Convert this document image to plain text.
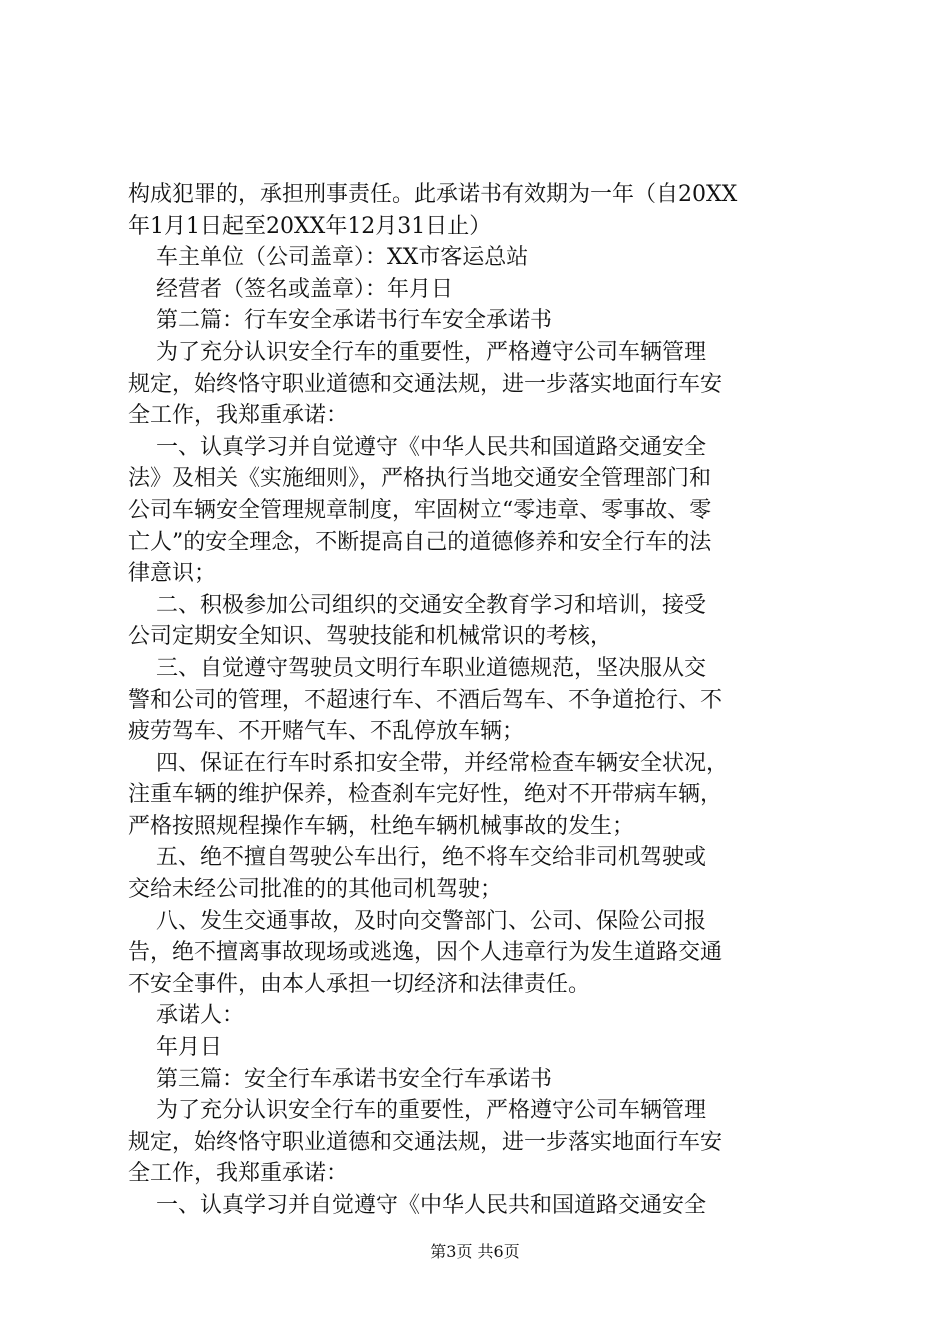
构成犯罪的，承担刑事责任。此承诺书有效期为一年（自20XX
年1月1日起至20XX年12月31日止）
车主单位（公司盖章）：XX市客运总站
经营者（签名或盖章）：年月日
第二篇：行车安全承诺书行车安全承诺书
为了充分认识安全行车的重要性，严格遵守公司车辆管理
规定，始终恪守职业道德和交通法规，进一步落实地面行车安
全工作，我郑重承诺：
一、认真学习并自觉遵守《中华人民共和国道路交通安全
法》及相关《实施细则》，严格执行当地交通安全管理部门和
公司车辆安全管理规章制度，牢固树立“零违章、零事故、零
亡人”的安全理念，不断提高自己的道德修养和安全行车的法
律意识；
二、积极参加公司组织的交通安全教育学习和培训，接受
公司定期安全知识、驾驶技能和机械常识的考核，
三、自觉遵守驾驶员文明行车职业道德规范，坚决服从交
警和公司的管理，不超速行车、不酒后驾车、不争道抢行、不
疲劳驾车、不开赌气车、不乱停放车辆；
四、保证在行车时系扣安全带，并经常检查车辆安全状况，
注重车辆的维护保养，检查刹车完好性，绝对不开带病车辆，
严格按照规程操作车辆，杜绝车辆机械事故的发生；
五、绝不擅自驾驶公车出行，绝不将车交给非司机驾驶或
交给未经公司批准的的其他司机驾驶；
八、发生交通事故，及时向交警部门、公司、保险公司报
告，绝不擅离事故现场或逃逸，因个人违章行为发生道路交通
不安全事件，由本人承担一切经济和法律责任。
承诺人：
年月日
第三篇：安全行车承诺书安全行车承诺书
为了充分认识安全行车的重要性，严格遵守公司车辆管理
规定，始终恪守职业道德和交通法规，进一步落实地面行车安
全工作，我郑重承诺：
一、认真学习并自觉遵守《中华人民共和国道路交通安全
第3页 共6页
